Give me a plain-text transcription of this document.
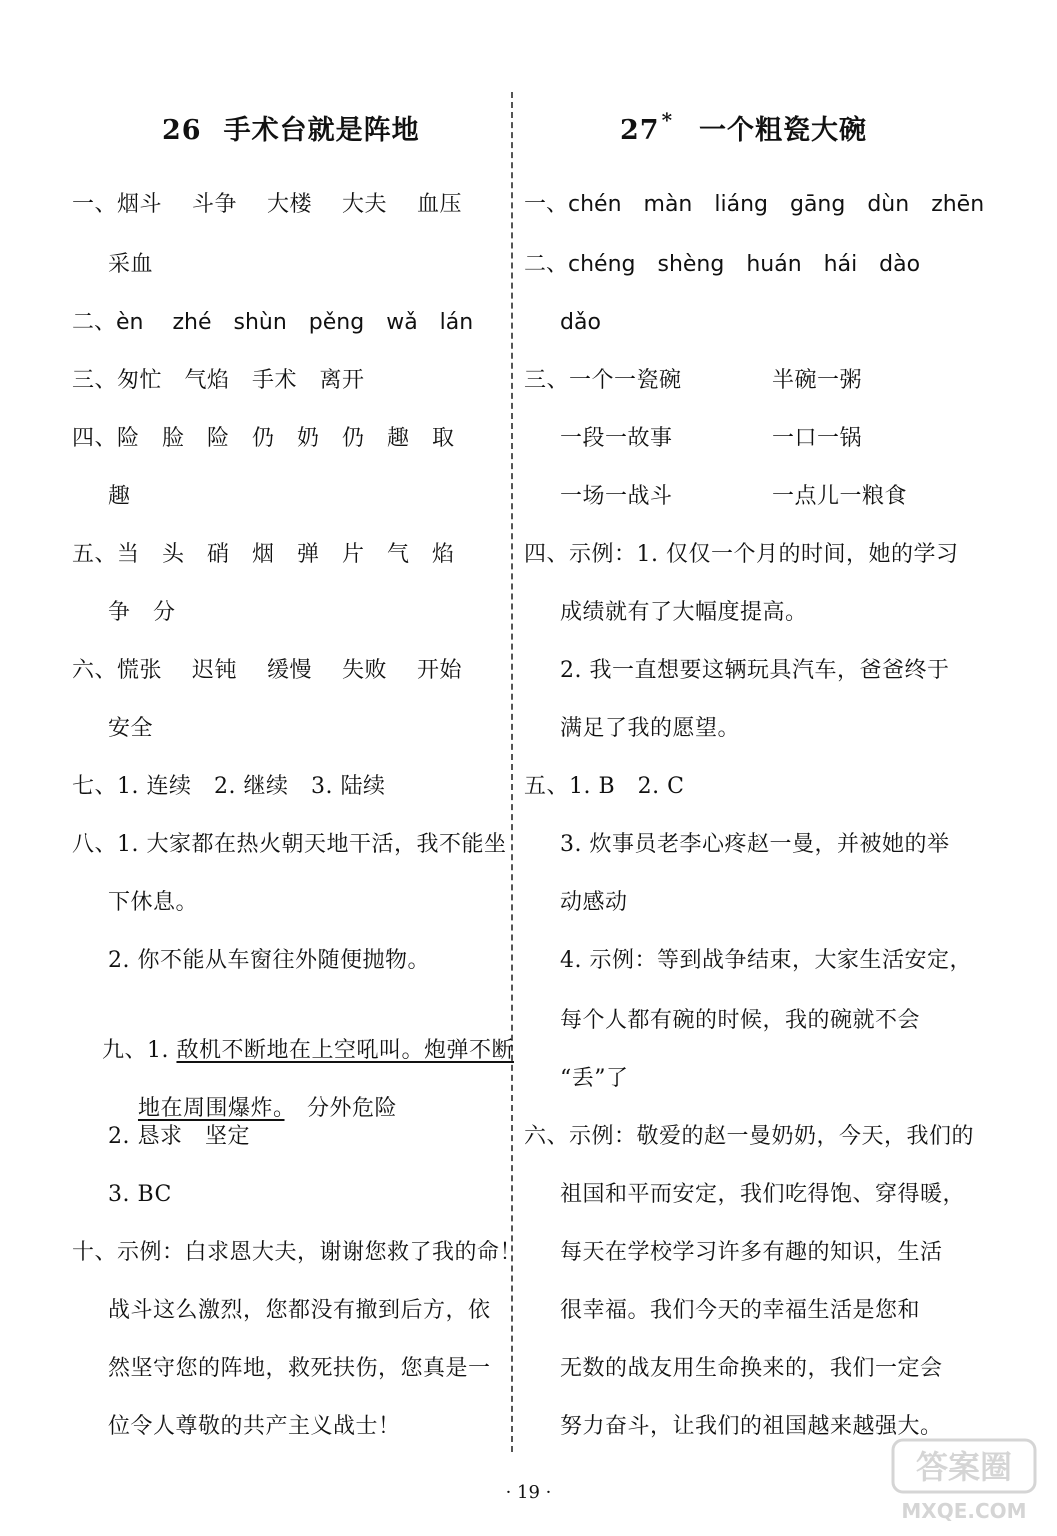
26 手术台就是阵地
一、烟斗　 斗争　 大楼　 大夫　 血压
采血
二、èn　 zhé　shùn　pěng　wǎ　lán
三、匆忙　气焰　手术　离开
四、险　脸　险　仍　奶　仍　趣　取
趣
五、当　头　硝　烟　弹　片　气　焰
争　分
六、慌张　 迟钝　 缓慢　 失败　 开始
安全
七、1. 连续　2. 继续　3. 陆续
八、1. 大家都在热火朝天地干活，我不能坐
下休息。
2. 你不能从车窗往外随便抛物。

九、1. 敌机不断地在上空吼叫。炮弹不断

地在周围爆炸。　 分外危险

2. 恳求　坚定
3. BC
十、示例：白求恩大夫，谢谢您救了我的命！
战斗这么激烈，您都没有撤到后方，依
然坚守您的阵地，救死扶伤，您真是一
位令人尊敬的共产主义战士！
27 * 一个粗瓷大碗
一、chén　màn　liáng　gāng　dùn　zhēn
二、chéng　shèng　huán　hái　dào
dǎo
三、一个一瓷碗	半碗一粥
一段一故事	一口一锅
一场一战斗	一点儿一粮食
四、示例：1. 仅仅一个月的时间，她的学习
成绩就有了大幅度提高。
2. 我一直想要这辆玩具汽车，爸爸终于
满足了我的愿望。
五、1. B　2. C
3. 炊事员老李心疼赵一曼，并被她的举
动感动
4. 示例：等到战争结束，大家生活安定，
每个人都有碗的时候，我的碗就不会
“丢”了
六、示例：敬爱的赵一曼奶奶，今天，我们的
祖国和平而安定，我们吃得饱、穿得暖，
每天在学校学习许多有趣的知识，生活
很幸福。我们今天的幸福生活是您和
无数的战友用生命换来的，我们一定会
努力奋斗，让我们的祖国越来越强大。
· 19 ·
答案圈
MXQE.COM
